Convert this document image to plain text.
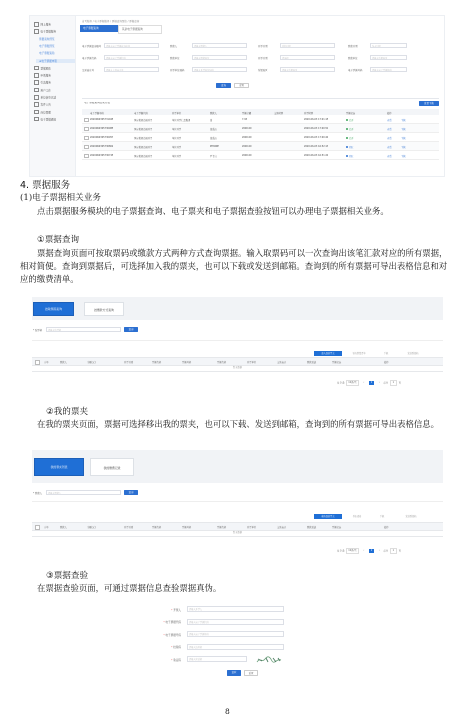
网上服务
电子票据服务
票据查询预览
电子票据预览
电子票据查验
★电子票据申领
票据载体
申领服务
引流服务
用户工作
单位信息过滤
发件公告
岗位管理
电子票据通知
首页服务 / 电子票据服务 / 票据查询预览 / 票据查询
电子票据查询	其余电子票据查询
电子票据查询编号	请输入电子票据查询编号	缴款人	请输入缴款人	开票日期	开始日期	缴款日期	结束日期
电子票据代码	请输入电子票据代码	缴款单位	请输入缴款单位	开票日期	请选择	缴款单位	请输入所属地区
交易流水号	请输入交易流水号	开票单位编码	请输入开票单位编码	所属地区	请输入所属地区	电子票据号码	请输入电子票据号码
查询	重置
电子票据查询结果列表	批量下载
电子票据号码	电子票据代码	开票单位	缴款人	票据金额	交易时间	开票时间	票据状态	操作
2020060305731045	国家税务总局开票	单位开票信息服务	张	7.93	2020-06-03 17:01:15	已开	查看	下载
2020060305730985	国家税务总局开票	单位开票	张高山	2000.00	2020-06-03 17:00:51	已开	查看	下载
2020060305730957	国家税务总局开票	单位开票	张高山	2000.00	2020-06-03 17:00:40	已开	查看	下载
2020060305730802	国家税务总局开票	单位开票	IPHONE	2000.00	2020-06-03 16:52:13	冲红	查看	下载
2020060305730745	国家税务总局开票	单位开票	严书宜	2000.00	2020-06-03 16:51:20	冲红	查看	下载
4. 票据服务
(1)电子票据相关业务
点击票据服务模块的电子票据查询、电子票夹和电子票据查验按钮可以办理电子票据相关业务。
①票据查询
票据查询页面可按取票码或缴款方式两种方式查询票据。输入取票码可以一次查询出该笔汇款对应的所有票据，相对简便。查询到票据后，可选择加入我的票夹，也可以下载或发送到邮箱。查询到的所有票据可导出表格信息和对应的缴费清单。
按取票码查询	按缴款方式查询
* 取票码	请输入取票码	查询
加入我的票夹	导出缴费清单	下载	发送到邮箱
序号	缴款人	金额(元)	开票日期	票据代码	票据号码	票据代码	开票单位	交易流水	缴款渠道	票据状态	操作
暂无数据
共 0 条 10条/页	‹	1	› 前往 1 页
②我的票夹
在我的票夹页面，票据可选择移出我的票夹，也可以下载、发送到邮箱，查询到的所有票据可导出表格信息。
我的票夹列表	我的缴费记录
* 缴款人	请输入缴款人	查询
移出我的票夹	导出表格	下载	发送到邮箱
序号	缴款人	金额(元)	开票日期	票据代码	票据号码	票据代码	开票单位	交易流水	缴款渠道	票据状态	操作
暂无数据
共 0 条 10条/页	‹	1	› 前往 1 页
③票据查验
在票据查验页面，可通过票据信息查验票据真伪。
* 开票人	请输入开票人
* 电子票据代码	请输入电子票据代码
* 电子票据号码	请输入电子票据号码
* 校验码	请输入校验码
* 验证码	请输入验证码
查验	重置
8
